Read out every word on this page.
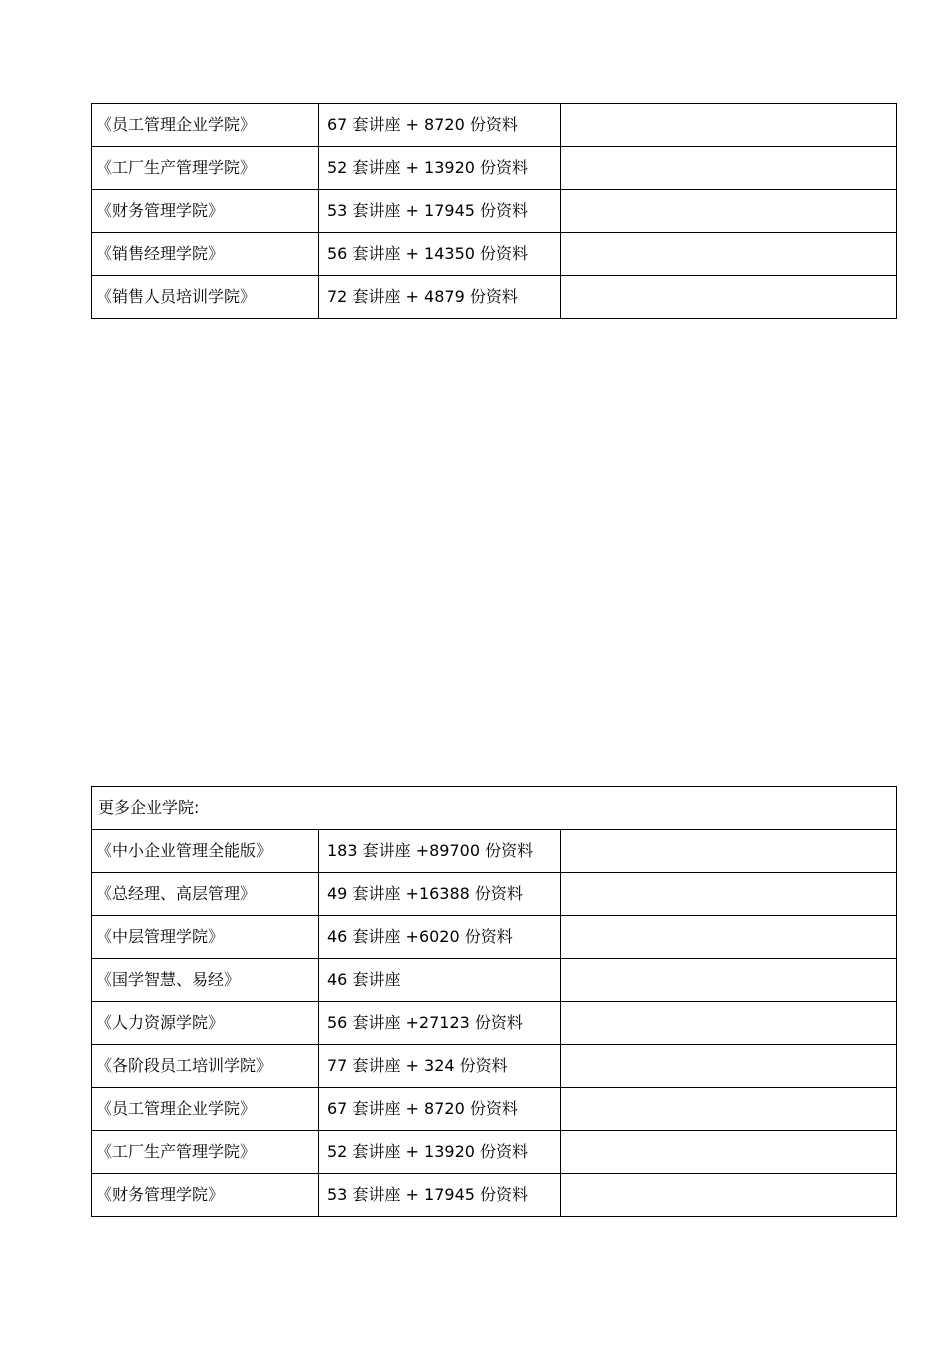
《员工管理企业学院》	67 套讲座 + 8720 份资料	
《工厂生产管理学院》	52 套讲座 + 13920 份资料	
《财务管理学院》	53 套讲座 + 17945 份资料	
《销售经理学院》	56 套讲座 + 14350 份资料	
《销售人员培训学院》	72 套讲座 + 4879 份资料	
更多企业学院:		
《中小企业管理全能版》	183 套讲座 +89700 份资料	
《总经理、高层管理》	49 套讲座 +16388 份资料	
《中层管理学院》	46 套讲座 +6020 份资料	
《国学智慧、易经》	46 套讲座	
《人力资源学院》	56 套讲座 +27123 份资料	
《各阶段员工培训学院》	77 套讲座 + 324 份资料	
《员工管理企业学院》	67 套讲座 + 8720 份资料	
《工厂生产管理学院》	52 套讲座 + 13920 份资料	
《财务管理学院》	53 套讲座 + 17945 份资料	
